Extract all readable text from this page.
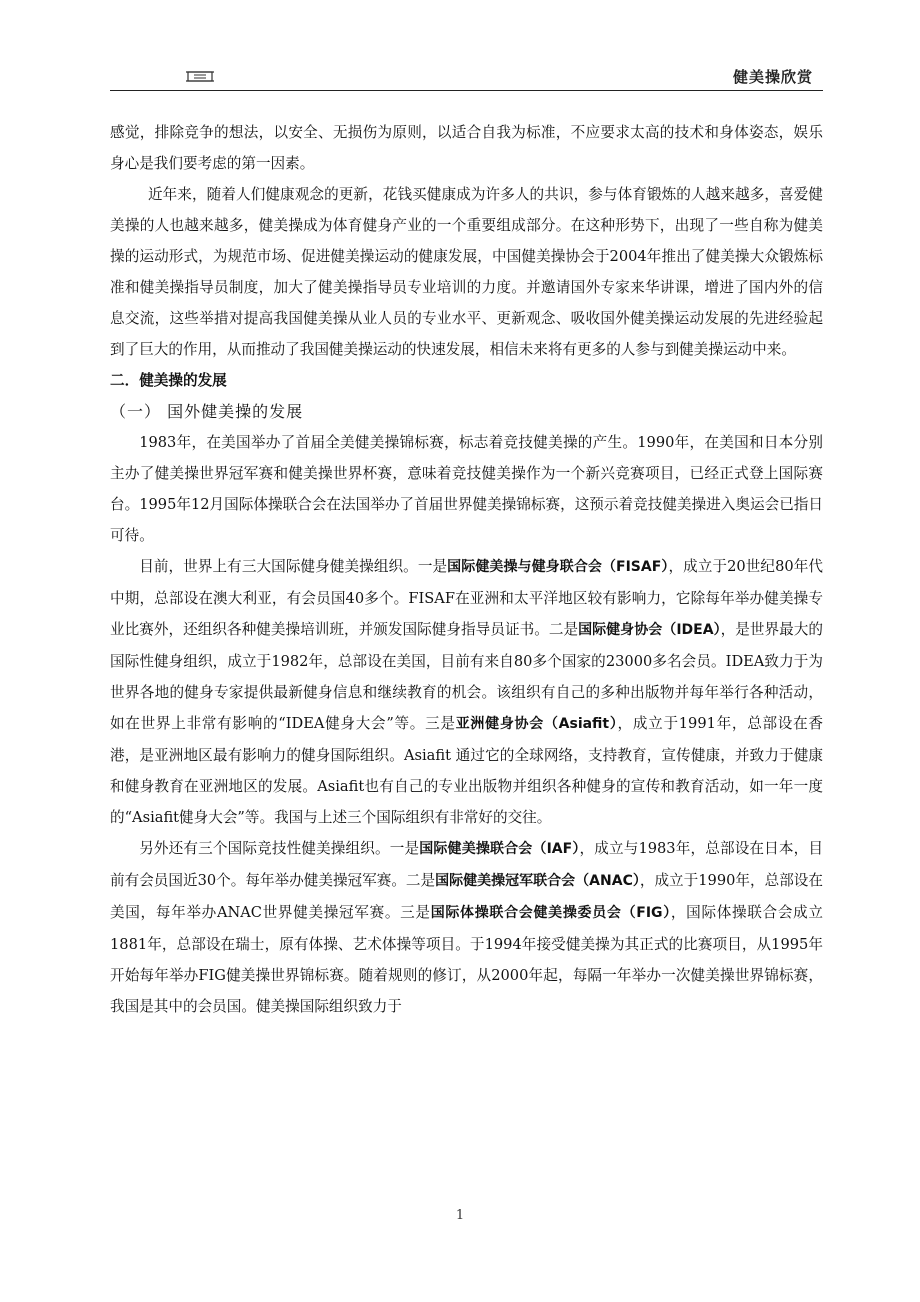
健美操欣赏

感觉，排除竞争的想法，以安全、无损伤为原则，以适合自我为标准，不应要求太高的技术和身体姿态，娱乐身心是我们要考虑的第一因素。

近年来，随着人们健康观念的更新，花钱买健康成为许多人的共识，参与体育锻炼的人越来越多，喜爱健美操的人也越来越多，健美操成为体育健身产业的一个重要组成部分。在这种形势下，出现了一些自称为健美操的运动形式，为规范市场、促进健美操运动的健康发展，中国健美操协会于2004年推出了健美操大众锻炼标准和健美操指导员制度，加大了健美操指导员专业培训的力度。并邀请国外专家来华讲课，增进了国内外的信息交流，这些举措对提高我国健美操从业人员的专业水平、更新观念、吸收国外健美操运动发展的先进经验起到了巨大的作用，从而推动了我国健美操运动的快速发展，相信未来将有更多的人参与到健美操运动中来。

二．健美操的发展

（一） 国外健美操的发展

1983年，在美国举办了首届全美健美操锦标赛，标志着竞技健美操的产生。1990年，在美国和日本分别主办了健美操世界冠军赛和健美操世界杯赛，意味着竞技健美操作为一个新兴竞赛项目，已经正式登上国际赛台。1995年12月国际体操联合会在法国举办了首届世界健美操锦标赛，这预示着竞技健美操进入奥运会已指日可待。

目前，世界上有三大国际健身健美操组织。一是国际健美操与健身联合会（FISAF），成立于20世纪80年代中期，总部设在澳大利亚，有会员国40多个。FISAF在亚洲和太平洋地区较有影响力，它除每年举办健美操专业比赛外，还组织各种健美操培训班，并颁发国际健身指导员证书。二是国际健身协会（IDEA），是世界最大的国际性健身组织，成立于1982年，总部设在美国，目前有来自80多个国家的23000多名会员。IDEA致力于为世界各地的健身专家提供最新健身信息和继续教育的机会。该组织有自己的多种出版物并每年举行各种活动，如在世界上非常有影响的“IDEA健身大会”等。三是亚洲健身协会（Asiafit），成立于1991年，总部设在香港，是亚洲地区最有影响力的健身国际组织。Asiafit 通过它的全球网络，支持教育，宣传健康，并致力于健康和健身教育在亚洲地区的发展。Asiafit也有自己的专业出版物并组织各种健身的宣传和教育活动，如一年一度的“Asiafit健身大会”等。我国与上述三个国际组织有非常好的交往。

另外还有三个国际竞技性健美操组织。一是国际健美操联合会（IAF），成立与1983年，总部设在日本，目前有会员国近30个。每年举办健美操冠军赛。二是国际健美操冠军联合会（ANAC），成立于1990年，总部设在美国，每年举办ANAC世界健美操冠军赛。三是国际体操联合会健美操委员会（FIG），国际体操联合会成立1881年，总部设在瑞士，原有体操、艺术体操等项目。于1994年接受健美操为其正式的比赛项目，从1995年开始每年举办FIG健美操世界锦标赛。随着规则的修订，从2000年起，每隔一年举办一次健美操世界锦标赛，我国是其中的会员国。健美操国际组织致力于

1
